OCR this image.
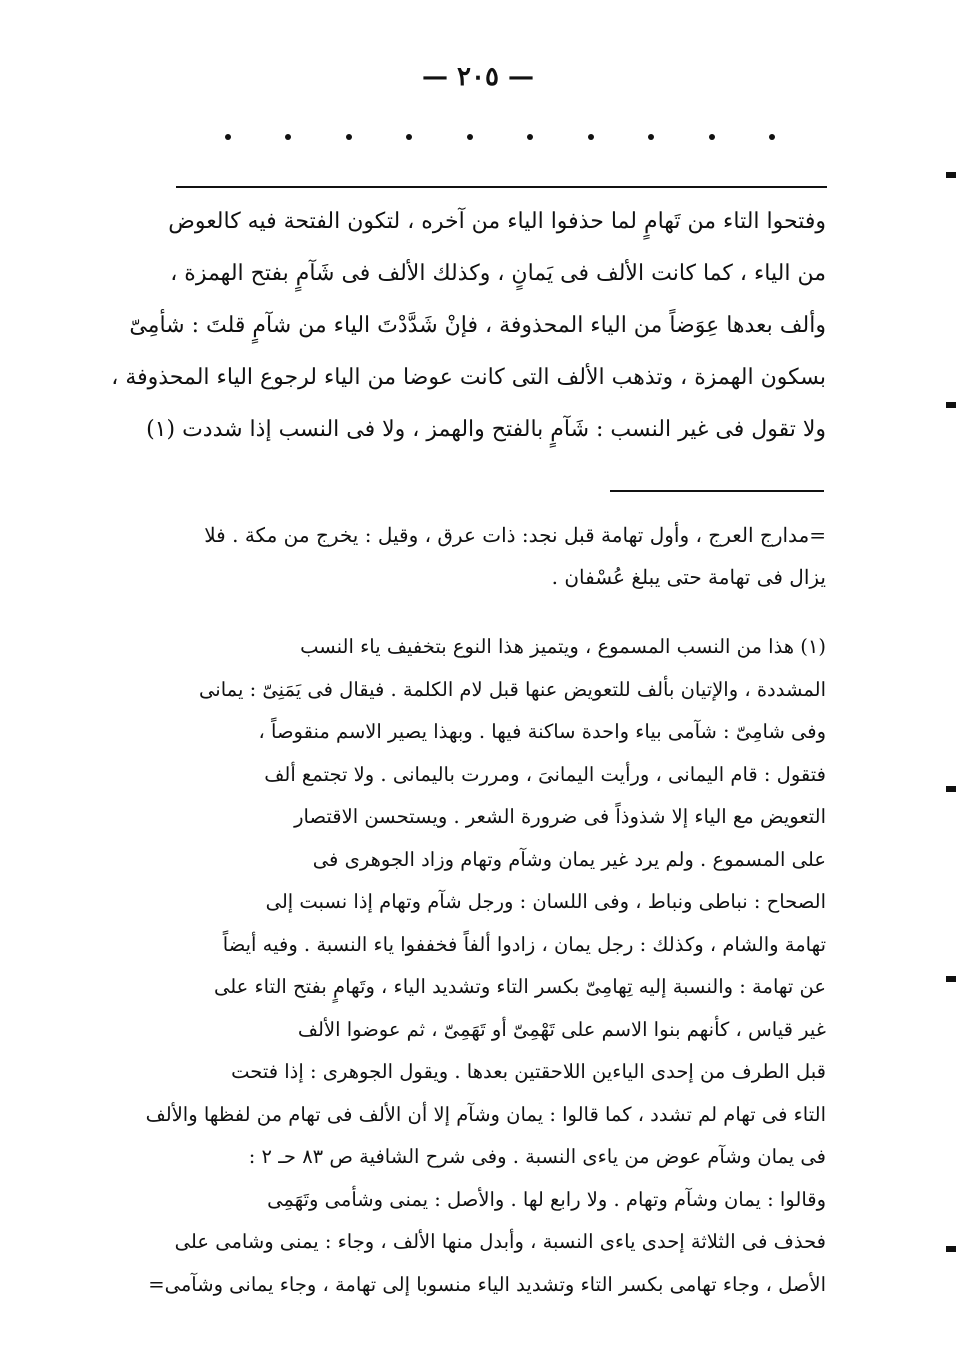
— ٢٠٥ —
وفتحوا التاء من تَهامٍ لما حذفوا الياء من آخره ، لتكون الفتحة فيه كالعوض
من الياء ، كما كانت الألف فى يَمانٍ ، وكذلك الألف فى شَآمٍ بفتح الهمزة ،
وألف بعدها عِوَضاً من الياء المحذوفة ، فإنْ شَدَّدْتَ الياء من شآمٍ قلتَ : شأمِىّ
بسكون الهمزة ، وتذهب الألف التى كانت عوضا من الياء لرجوع الياء المحذوفة ،
ولا تقول فى غير النسب : شَآمٍ بالفتح والهمز ، ولا فى النسب إذا شددت (١)
=مدارج العرج ، وأول تهامة قبل نجد: ذات عرق ، وقيل : يخرج من مكة . فلا
يزال فى تهامة حتى يبلغ عُسْفان .
(١) هذا من النسب المسموع ، ويتميز هذا النوع بتخفيف ياء النسب
المشددة ، والإتيان بألف للتعويض عنها قبل لام الكلمة . فيقال فى يَمَنِىّ : يمانى
وفى شامِىّ : شآمى بياء واحدة ساكنة فيها . وبهذا يصير الاسم منقوصاً ،
فتقول : قام اليمانى ، ورأيت اليمانىَ ، ومررت باليمانى . ولا تجتمع ألف
التعويض مع الياء إلا شذوذاً فى ضرورة الشعر . ويستحسن الاقتصار
على المسموع . ولم يرد غير يمان وشآم وتهام وزاد الجوهرى فى
الصحاح : نباطى ونباط ، وفى اللسان : ورجل شآم وتهام إذا نسبت إلى
تهامة والشام ، وكذلك : رجل يمان ، زادوا ألفاً فخففوا ياء النسبة . وفيه أيضاً
عن تهامة : والنسبة إليه تِهامِىّ بكسر التاء وتشديد الياء ، وتَهامٍ بفتح التاء على
غير قياس ، كأنهم بنوا الاسم على تَهْمِىّ أو تَهَمِىّ ، ثم عوضوا الألف
قبل الطرف من إحدى الياءين اللاحقتين بعدها . ويقول الجوهرى : إذا فتحت
التاء فى تهام لم تشدد ، كما قالوا : يمان وشآم إلا أن الألف فى تهام من لفظها والألف
فى يمان وشآم عوض من ياءى النسبة . وفى شرح الشافية ص ٨٣ حـ ٢ :
وقالوا : يمان وشآم وتهام . ولا رابع لها . والأصل : يمنى وشأمى وتَهَمِى
فحذف فى الثلاثة إحدى ياءى النسبة ، وأبدل منها الألف ، وجاء : يمنى وشامى على
الأصل ، وجاء تهامى بكسر التاء وتشديد الياء منسوبا إلى تهامة ، وجاء يمانى وشآمى=
